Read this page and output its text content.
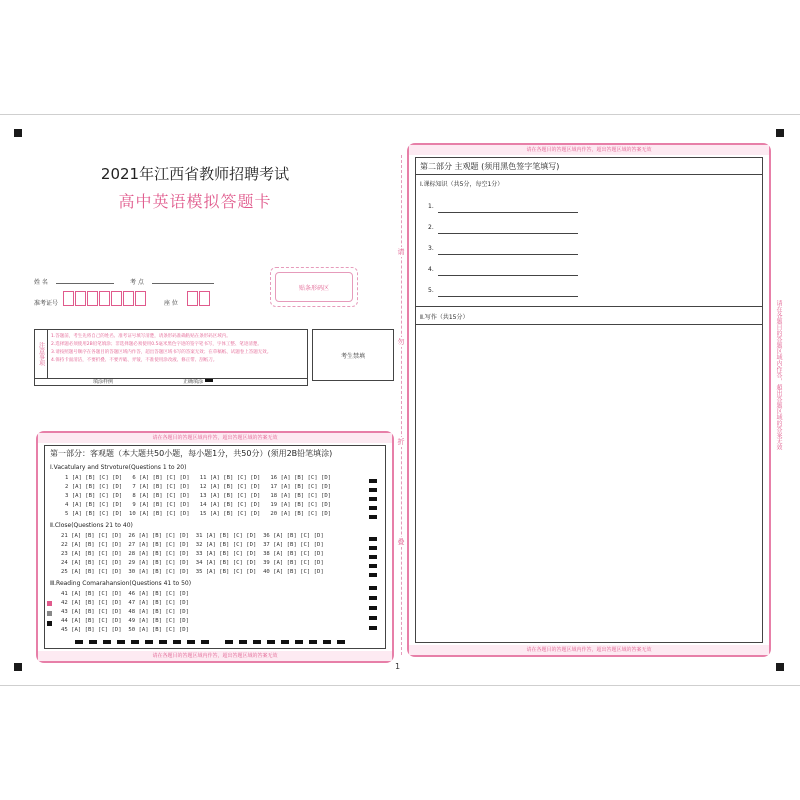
2021年江西省教师招聘考试
高中英语模拟答题卡
姓 名	考 点
准考证号	座 位
贴条形码区
注意事项
1.答题前，考生先将自己的姓名、准考证号填写清楚，请条形码准确粘贴在条形码区域内。
2.选择题必须使用2B铅笔填涂；非选择题必须使用0.5毫米黑色字迹的签字笔书写，字体工整、笔迹清楚。
3.请按照题号顺序在各题目的答题区域内作答，超出答题区域书写的答案无效；在草稿纸、试题卷上答题无效。
4.保持卡面清洁，不要折叠、不要弄破、弄皱，不准使用涂改液、修正带、刮纸刀。
填涂样例	正确填涂
考生禁填
请
勿
折
叠
请在各题目的答题区域内作答，超出答题区域的答案无效
第一部分：客观题（本大题共50小题，每小题1分，共50分）(须用2B铅笔填涂)
Ⅰ.Vacatulary and Strvoture(Questions 1 to 20)
1 [A] [B] [C] [D]   6 [A] [B] [C] [D]   11 [A] [B] [C] [D]   16 [A] [B] [C] [D]
2 [A] [B] [C] [D]   7 [A] [B] [C] [D]   12 [A] [B] [C] [D]   17 [A] [B] [C] [D]
3 [A] [B] [C] [D]   8 [A] [B] [C] [D]   13 [A] [B] [C] [D]   18 [A] [B] [C] [D]
4 [A] [B] [C] [D]   9 [A] [B] [C] [D]   14 [A] [B] [C] [D]   19 [A] [B] [C] [D]
5 [A] [B] [C] [D]  10 [A] [B] [C] [D]   15 [A] [B] [C] [D]   20 [A] [B] [C] [D]
Ⅱ.Close(Questions 21 to 40)
21 [A] [B] [C] [D]  26 [A] [B] [C] [D]  31 [A] [B] [C] [D]  36 [A] [B] [C] [D]
22 [A] [B] [C] [D]  27 [A] [B] [C] [D]  32 [A] [B] [C] [D]  37 [A] [B] [C] [D]
23 [A] [B] [C] [D]  28 [A] [B] [C] [D]  33 [A] [B] [C] [D]  38 [A] [B] [C] [D]
24 [A] [B] [C] [D]  29 [A] [B] [C] [D]  34 [A] [B] [C] [D]  39 [A] [B] [C] [D]
25 [A] [B] [C] [D]  30 [A] [B] [C] [D]  35 [A] [B] [C] [D]  40 [A] [B] [C] [D]
Ⅲ.Reading Comarahansion(Questions 41 to 50)
41 [A] [B] [C] [D]  46 [A] [B] [C] [D]
42 [A] [B] [C] [D]  47 [A] [B] [C] [D]
43 [A] [B] [C] [D]  48 [A] [B] [C] [D]
44 [A] [B] [C] [D]  49 [A] [B] [C] [D]
45 [A] [B] [C] [D]  50 [A] [B] [C] [D]
请在各题目的答题区域内作答，超出答题区域的答案无效
请在各题目的答题区域内作答，超出答题区域的答案无效
第二部分 主观题 (须用黑色签字笔填写)
Ⅰ.课标知识（共5分，每空1分）
1.
2.
3.
4.
5.
Ⅱ.写作（共15分）
请在各题目的答题区域内作答，超出答题区域的答案无效
请在各题目的答题区域内作答，超出答题区域的答案无效
1
